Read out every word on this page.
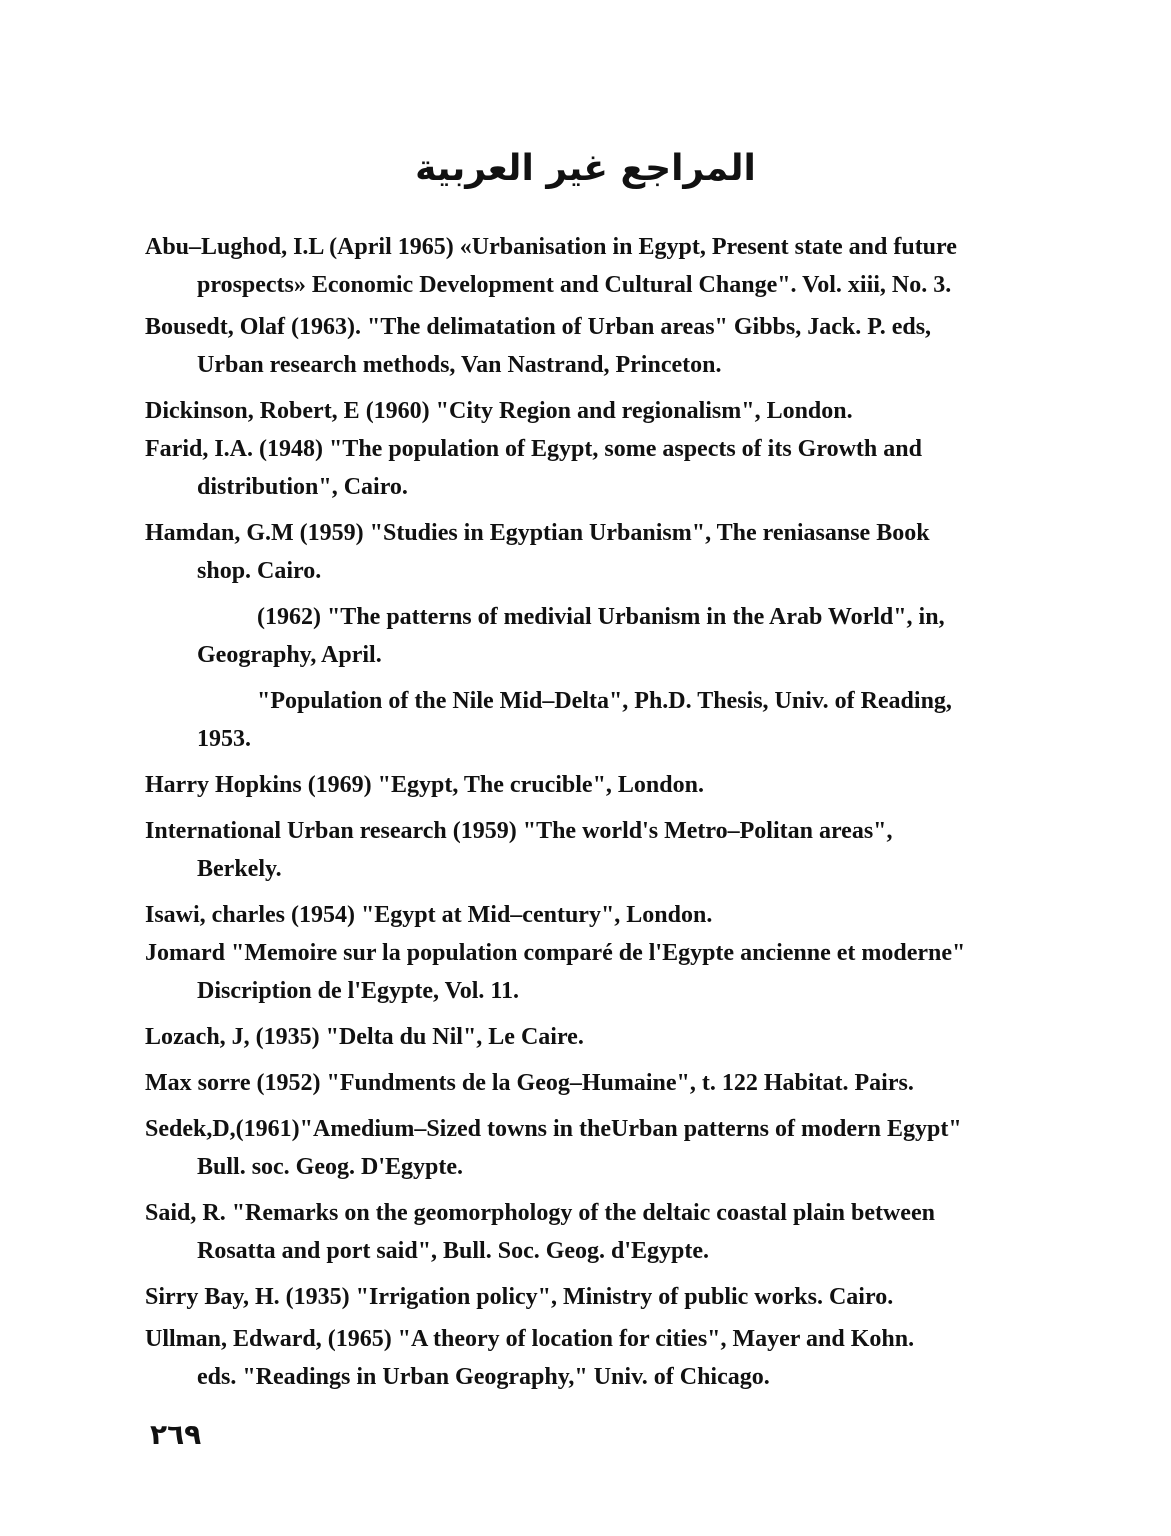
المراجع غير العربية
Abu–Lughod, I.L (April 1965) «Urbanisation in Egypt, Present state and future
prospects» Economic Development and Cultural Change". Vol. xiii, No. 3.
Bousedt, Olaf (1963). "The delimatation of Urban areas" Gibbs, Jack. P. eds,
Urban research methods, Van Nastrand, Princeton.
Dickinson, Robert, E (1960) "City Region and regionalism", London.
Farid, I.A. (1948) "The population of Egypt, some aspects of its Growth and
distribution", Cairo.
Hamdan, G.M (1959) "Studies in Egyptian Urbanism", The reniasanse Book
shop. Cairo.
(1962) "The patterns of medivial Urbanism in the Arab World", in,
Geography, April.
"Population of the Nile Mid–Delta", Ph.D. Thesis, Univ. of Reading,
1953.
Harry Hopkins (1969) "Egypt, The crucible", London.
International Urban research (1959) "The world's Metro–Politan areas",
Berkely.
Isawi, charles (1954) "Egypt at Mid–century", London.
Jomard "Memoire sur la population comparé de l'Egypte ancienne et moderne"
Discription de l'Egypte, Vol. 11.
Lozach, J, (1935) "Delta du Nil", Le Caire.
Max sorre (1952) "Fundments de la Geog–Humaine", t. 122 Habitat. Pairs.
Sedek,D,(1961)"Amedium–Sized towns in theUrban patterns of modern Egypt"
Bull. soc. Geog. D'Egypte.
Said, R. "Remarks on the geomorphology of the deltaic coastal plain between
Rosatta and port said", Bull. Soc. Geog. d'Egypte.
Sirry Bay, H. (1935) "Irrigation policy", Ministry of public works. Cairo.
Ullman, Edward, (1965) "A theory of location for cities", Mayer and Kohn.
eds. "Readings in Urban Geography," Univ. of Chicago.
٢٦٩
